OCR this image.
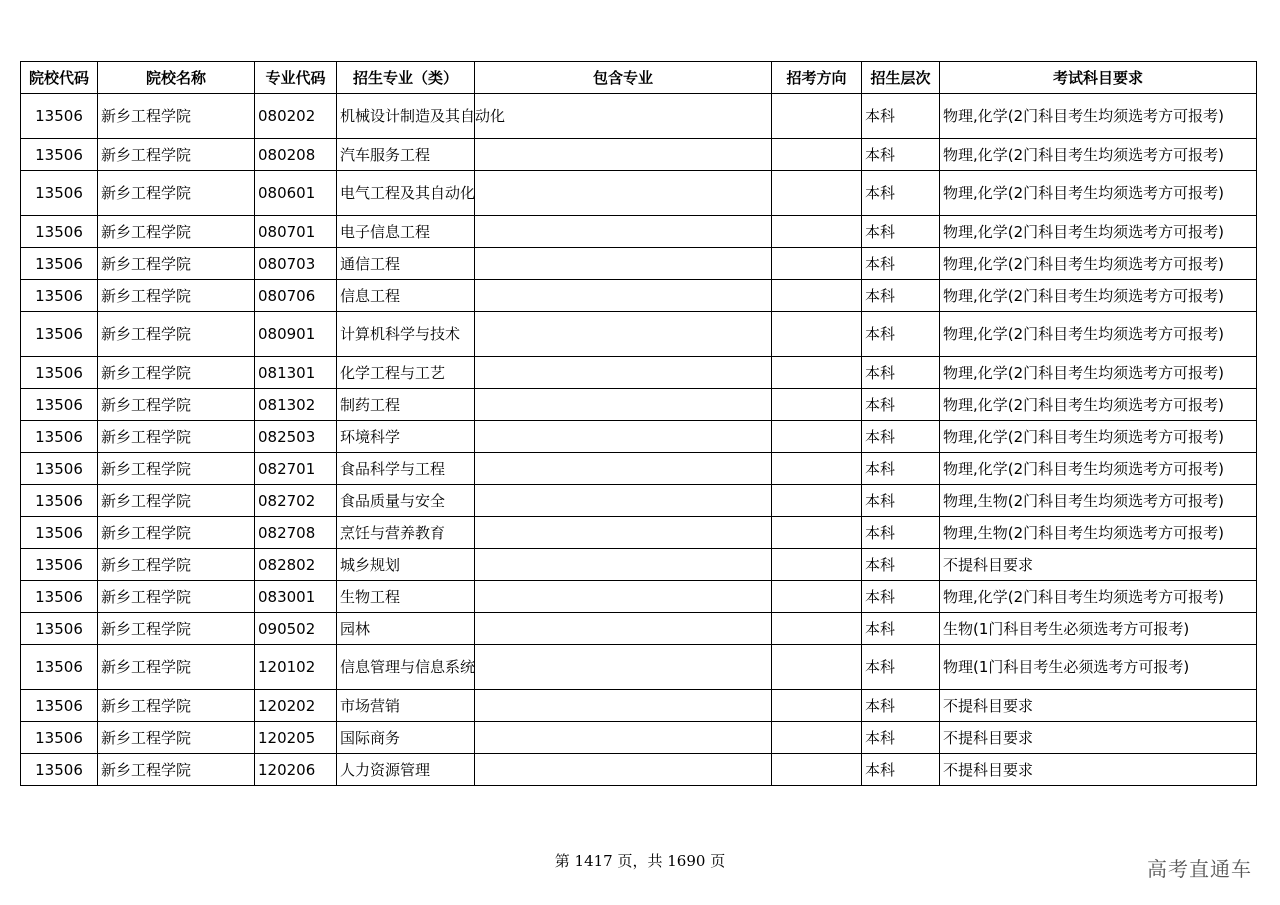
院校代码	院校名称	专业代码	招生专业（类）	包含专业	招考方向	招生层次	考试科目要求
13506	新乡工程学院	080202	机械设计制造及其自动化			本科	物理,化学(2门科目考生均须选考方可报考)
13506	新乡工程学院	080208	汽车服务工程			本科	物理,化学(2门科目考生均须选考方可报考)
13506	新乡工程学院	080601	电气工程及其自动化			本科	物理,化学(2门科目考生均须选考方可报考)
13506	新乡工程学院	080701	电子信息工程			本科	物理,化学(2门科目考生均须选考方可报考)
13506	新乡工程学院	080703	通信工程			本科	物理,化学(2门科目考生均须选考方可报考)
13506	新乡工程学院	080706	信息工程			本科	物理,化学(2门科目考生均须选考方可报考)
13506	新乡工程学院	080901	计算机科学与技术			本科	物理,化学(2门科目考生均须选考方可报考)
13506	新乡工程学院	081301	化学工程与工艺			本科	物理,化学(2门科目考生均须选考方可报考)
13506	新乡工程学院	081302	制药工程			本科	物理,化学(2门科目考生均须选考方可报考)
13506	新乡工程学院	082503	环境科学			本科	物理,化学(2门科目考生均须选考方可报考)
13506	新乡工程学院	082701	食品科学与工程			本科	物理,化学(2门科目考生均须选考方可报考)
13506	新乡工程学院	082702	食品质量与安全			本科	物理,生物(2门科目考生均须选考方可报考)
13506	新乡工程学院	082708	烹饪与营养教育			本科	物理,生物(2门科目考生均须选考方可报考)
13506	新乡工程学院	082802	城乡规划			本科	不提科目要求
13506	新乡工程学院	083001	生物工程			本科	物理,化学(2门科目考生均须选考方可报考)
13506	新乡工程学院	090502	园林			本科	生物(1门科目考生必须选考方可报考)
13506	新乡工程学院	120102	信息管理与信息系统			本科	物理(1门科目考生必须选考方可报考)
13506	新乡工程学院	120202	市场营销			本科	不提科目要求
13506	新乡工程学院	120205	国际商务			本科	不提科目要求
13506	新乡工程学院	120206	人力资源管理			本科	不提科目要求
第 1417 页，共 1690 页	高考直通车
